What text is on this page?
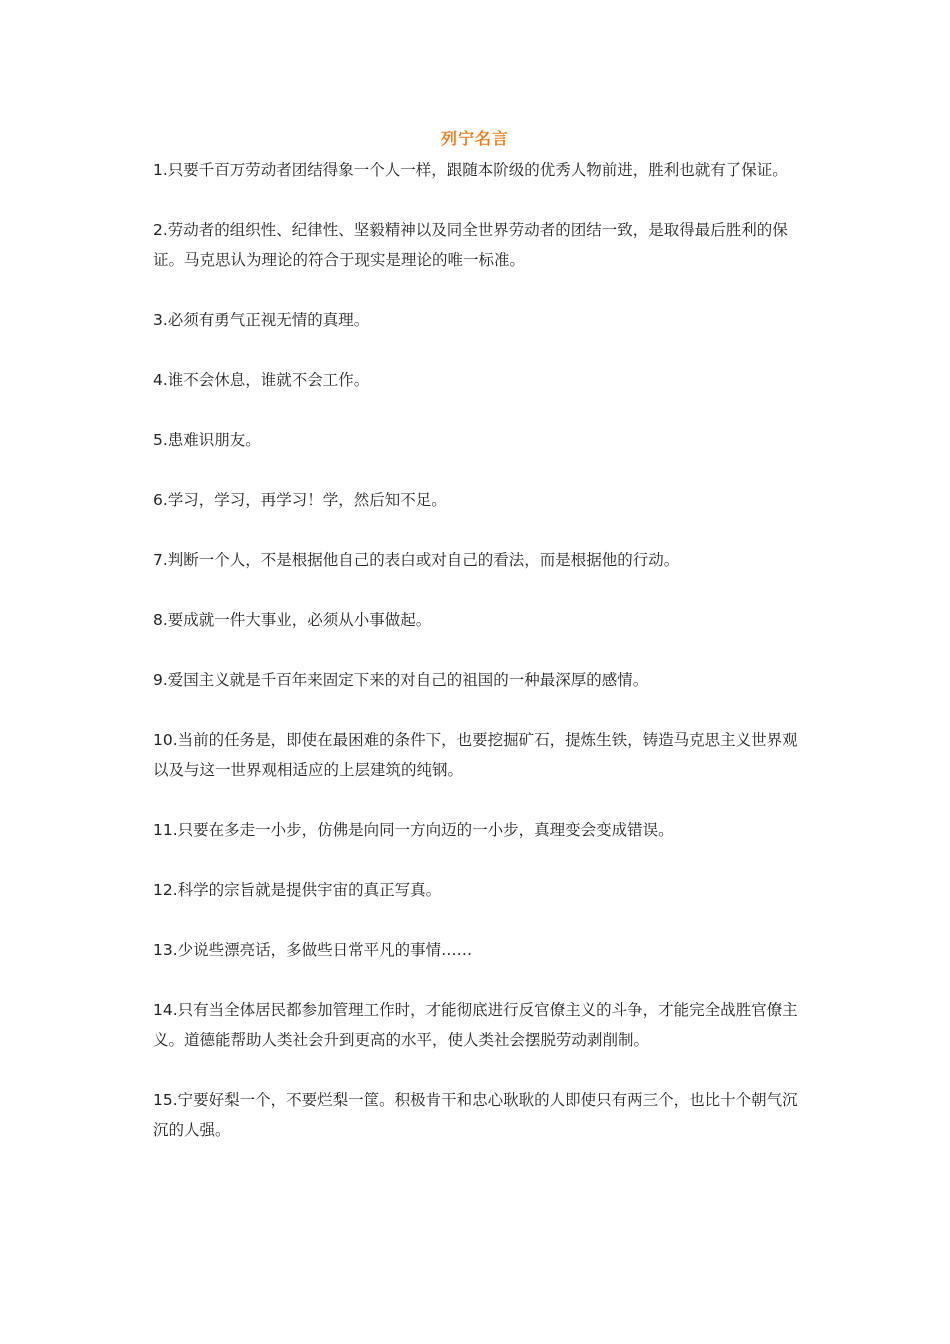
列宁名言
1.只要千百万劳动者团结得象一个人一样，跟随本阶级的优秀人物前进，胜利也就有了保证。
2.劳动者的组织性、纪律性、坚毅精神以及同全世界劳动者的团结一致，是取得最后胜利的保证。马克思认为理论的符合于现实是理论的唯一标准。
3.必须有勇气正视无情的真理。
4.谁不会休息，谁就不会工作。
5.患难识朋友。
6.学习，学习，再学习！学，然后知不足。
7.判断一个人，不是根据他自己的表白或对自己的看法，而是根据他的行动。
8.要成就一件大事业，必须从小事做起。
9.爱国主义就是千百年来固定下来的对自己的祖国的一种最深厚的感情。
10.当前的任务是，即使在最困难的条件下，也要挖掘矿石，提炼生铁，铸造马克思主义世界观以及与这一世界观相适应的上层建筑的纯钢。
11.只要在多走一小步，仿佛是向同一方向迈的一小步，真理变会变成错误。
12.科学的宗旨就是提供宇宙的真正写真。
13.少说些漂亮话，多做些日常平凡的事情……
14.只有当全体居民都参加管理工作时，才能彻底进行反官僚主义的斗争，才能完全战胜官僚主义。道德能帮助人类社会升到更高的水平，使人类社会摆脱劳动剥削制。
15.宁要好梨一个，不要烂梨一筐。积极肯干和忠心耿耿的人即使只有两三个，也比十个朝气沉沉的人强。
